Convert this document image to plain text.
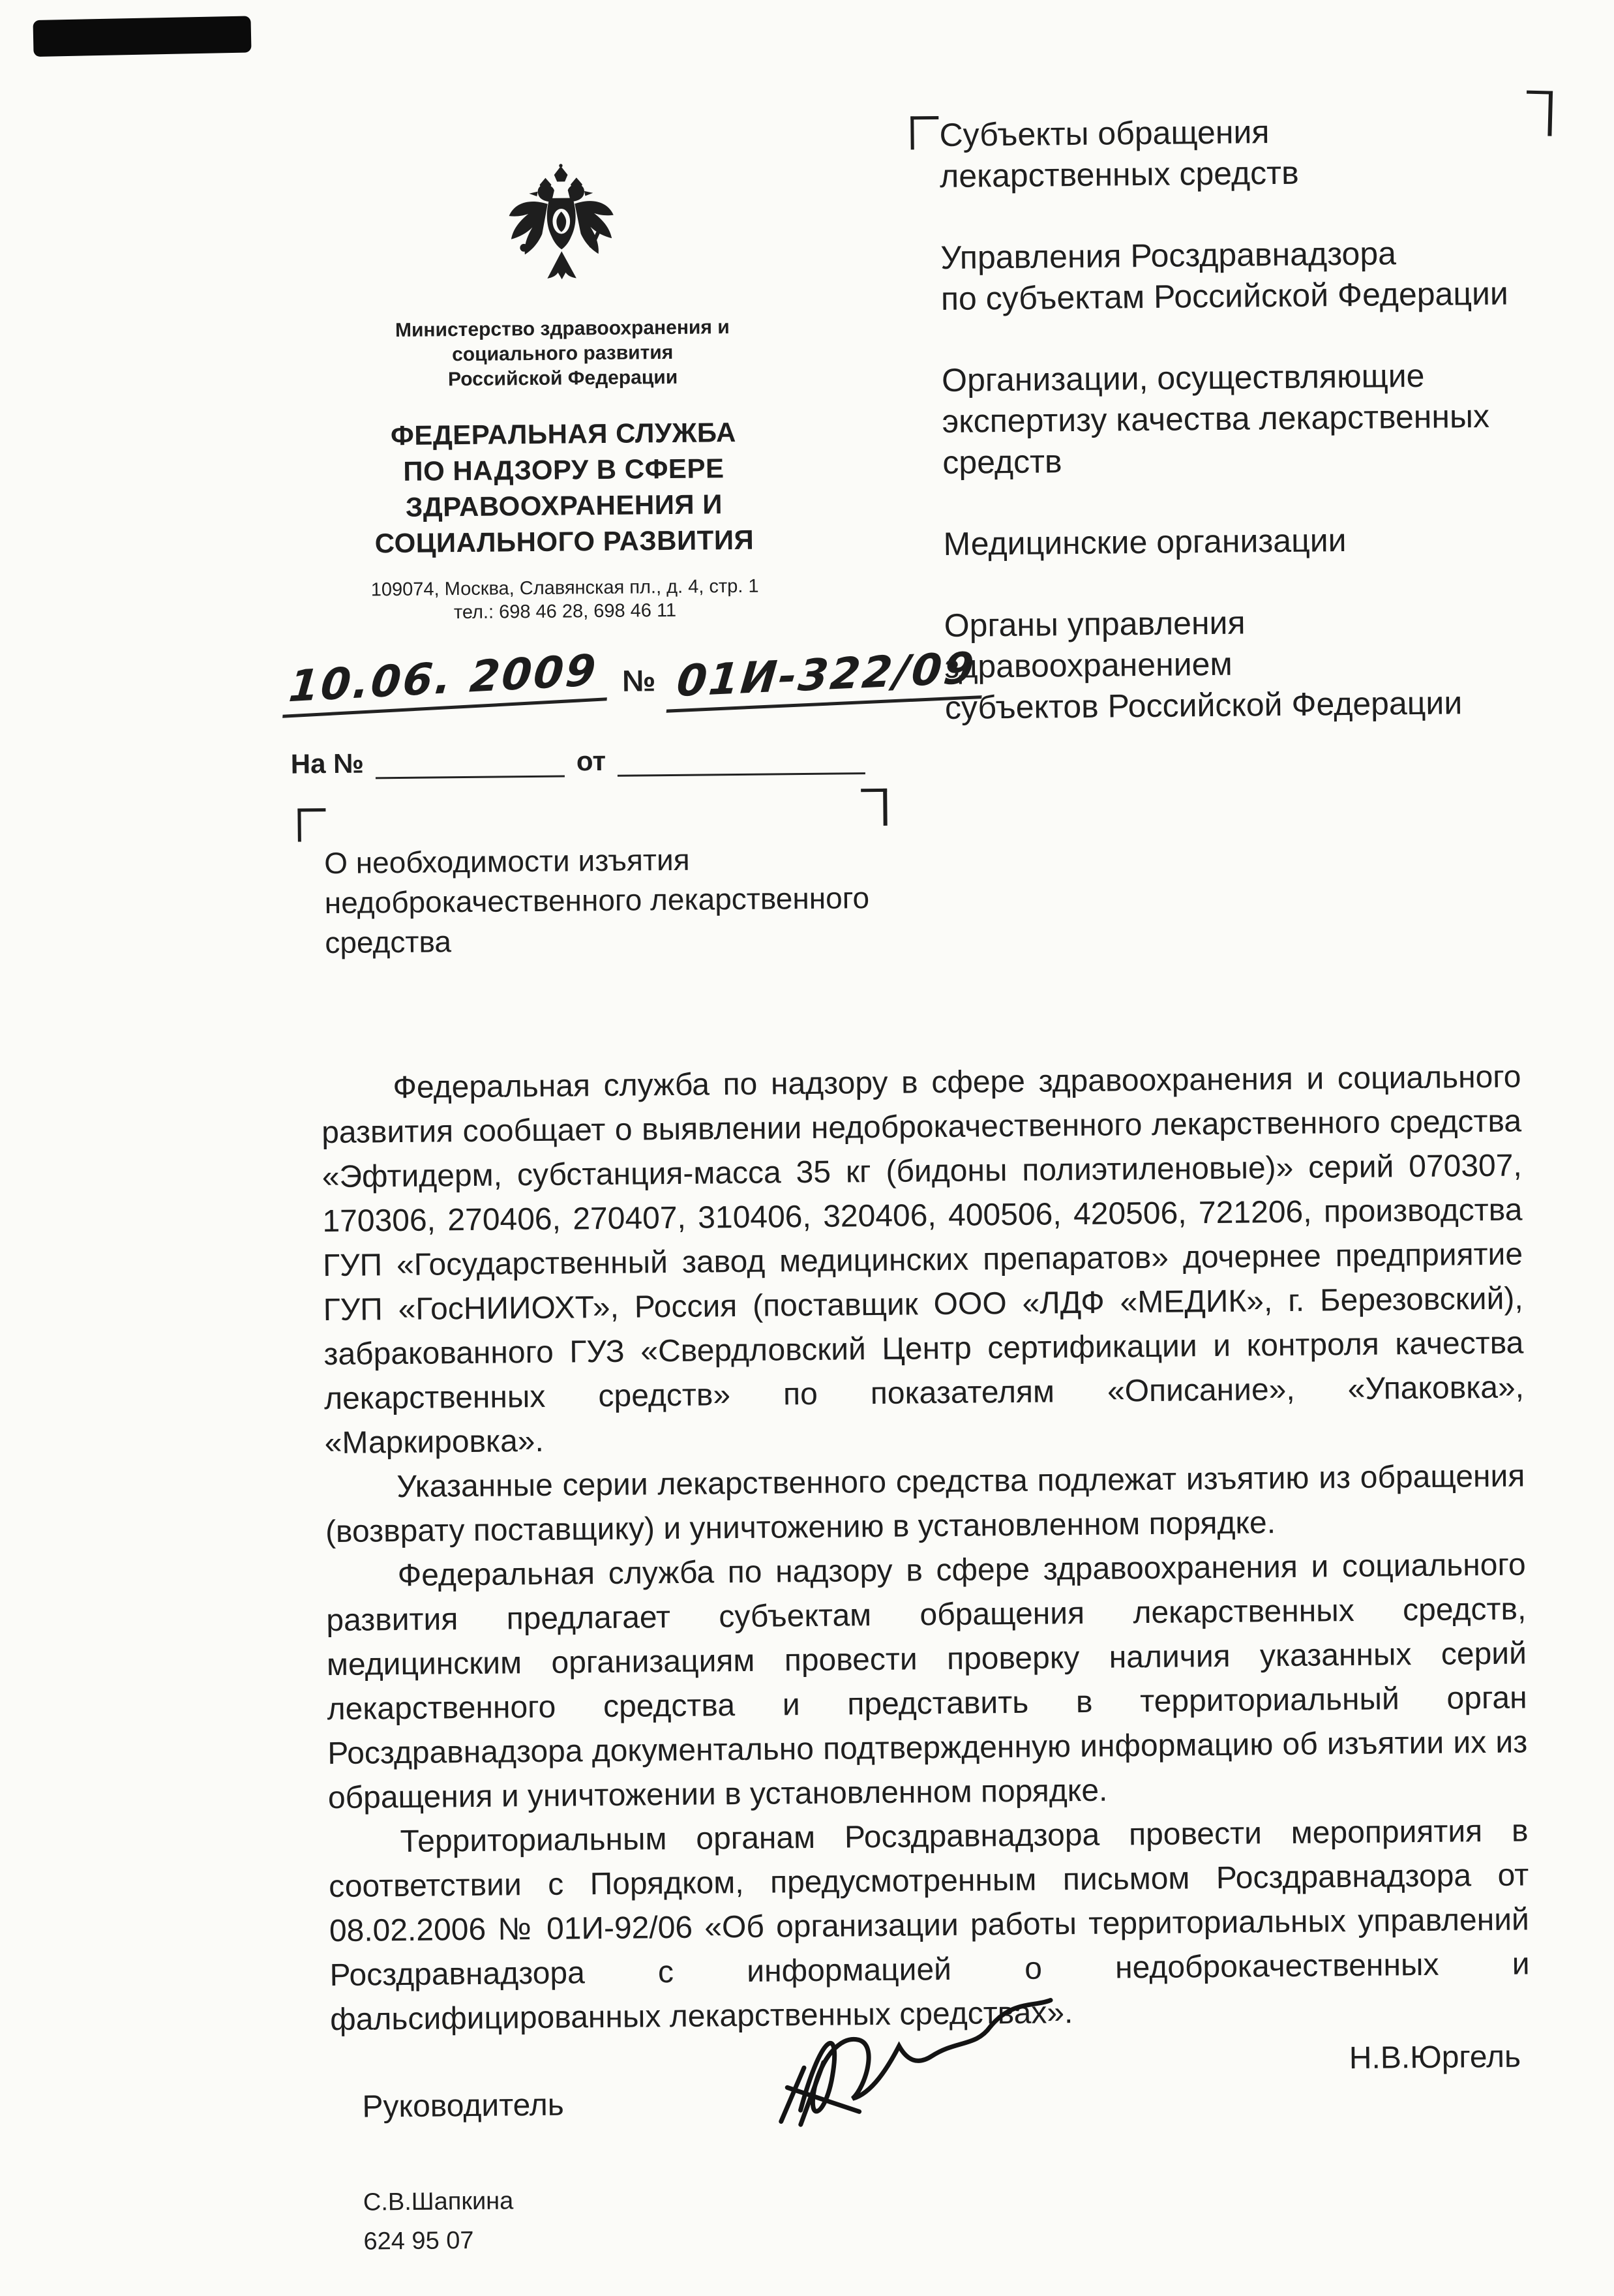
Министерство здравоохранения и
социального развития
Российской Федерации
ФЕДЕРАЛЬНАЯ СЛУЖБА
ПО НАДЗОРУ В СФЕРЕ
ЗДРАВООХРАНЕНИЯ И
СОЦИАЛЬНОГО РАЗВИТИЯ
109074, Москва, Славянская пл., д. 4, стр. 1
тел.: 698 46 28, 698 46 11
10.06. 2009 № 01И-322/09
На №	от
Субъекты обращения
лекарственных средств
Управления Росздравнадзора
по субъектам Российской Федерации
Организации, осуществляющие
экспертизу качества лекарственных
средств
Медицинские организации
Органы управления
здравоохранением
субъектов Российской Федерации
О необходимости изъятия
недоброкачественного лекарственного
средства

Федеральная служба по надзору в сфере здравоохранения и социального развития сообщает о выявлении недоброкачественного лекарственного средства «Эфтидерм, субстанция-масса 35 кг (бидоны полиэтиленовые)» серий 070307, 170306, 270406, 270407, 310406, 320406, 400506, 420506, 721206, производства ГУП «Государственный завод медицинских препаратов» дочернее предприятие ГУП «ГосНИИОХТ», Россия (поставщик ООО «ЛДФ «МЕДИК», г. Березовский), забракованного ГУЗ «Свердловский Центр сертификации и контроля качества лекарственных средств» по показателям «Описание», «Упаковка», «Маркировка».

Указанные серии лекарственного средства подлежат изъятию из обращения (возврату поставщику) и уничтожению в установленном порядке.

Федеральная служба по надзору в сфере здравоохранения и социального развития предлагает субъектам обращения лекарственных средств, медицинским организациям провести проверку наличия указанных серий лекарственного средства и представить в территориальный орган Росздравнадзора документально подтвержденную информацию об изъятии их из обращения и уничтожении в установленном порядке.

Территориальным органам Росздравнадзора провести мероприятия в соответствии с Порядком, предусмотренным письмом Росздравнадзора от 08.02.2006 № 01И-92/06 «Об организации работы территориальных управлений Росздравнадзора с информацией о недоброкачественных и фальсифицированных лекарственных средствах».

Руководитель
Н.В.Юргель
С.В.Шапкина
624 95 07
